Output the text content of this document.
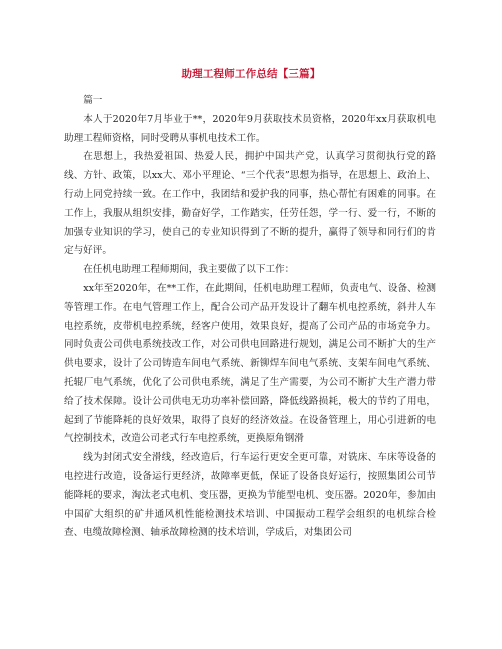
助理工程师工作总结【三篇】

篇一

本人于2020年7月毕业于**，2020年9月获取技术员资格，2020年xx月获取机电助理工程师资格，同时受聘从事机电技术工作。

在思想上，我热爱祖国、热爱人民，拥护中国共产党，认真学习贯彻执行党的路线、方针、政策，以xx大、邓小平理论、“三个代表”思想为指导，在思想上、政治上、行动上同党持续一致。在工作中，我团结和爱护我的同事，热心帮忙有困难的同事。在工作上，我服从组织安排，勤奋好学，工作踏实，任劳任怨，学一行、爱一行，不断的加强专业知识的学习，使自己的专业知识得到了不断的提升，赢得了领导和同行们的肯定与好评。

在任机电助理工程师期间，我主要做了以下工作：

xx年至2020年，在**工作，在此期间，任机电助理工程师，负责电气、设备、检测等管理工作。在电气管理工作上，配合公司产品开发设计了翻车机电控系统，斜井人车电控系统，皮带机电控系统，经客户使用，效果良好，提高了公司产品的市场竞争力。同时负责公司供电系统技改工作，对公司供电回路进行规划，满足公司不断扩大的生产供电要求，设计了公司铸造车间电气系统、新铆焊车间电气系统、支架车间电气系统、托辊厂电气系统，优化了公司供电系统，满足了生产需要，为公司不断扩大生产潜力带给了技术保障。设计公司供电无功功率补偿回路，降低线路损耗，极大的节约了用电，起到了节能降耗的良好效果，取得了良好的经济效益。在设备管理上，用心引进新的电气控制技术，改造公司老式行车电控系统，更换原角钢滑

线为封闭式安全滑线，经改造后，行车运行更安全更可靠，对铣床、车床等设备的电控进行改造，设备运行更经济，故障率更低，保证了设备良好运行，按照集团公司节能降耗的要求，淘汰老式电机、变压器，更换为节能型电机、变压器。2020年，参加由中国矿大组织的矿井通风机性能检测技术培训、中国振动工程学会组织的电机综合检查、电缆故障检测、轴承故障检测的技术培训，学成后，对集团公司
